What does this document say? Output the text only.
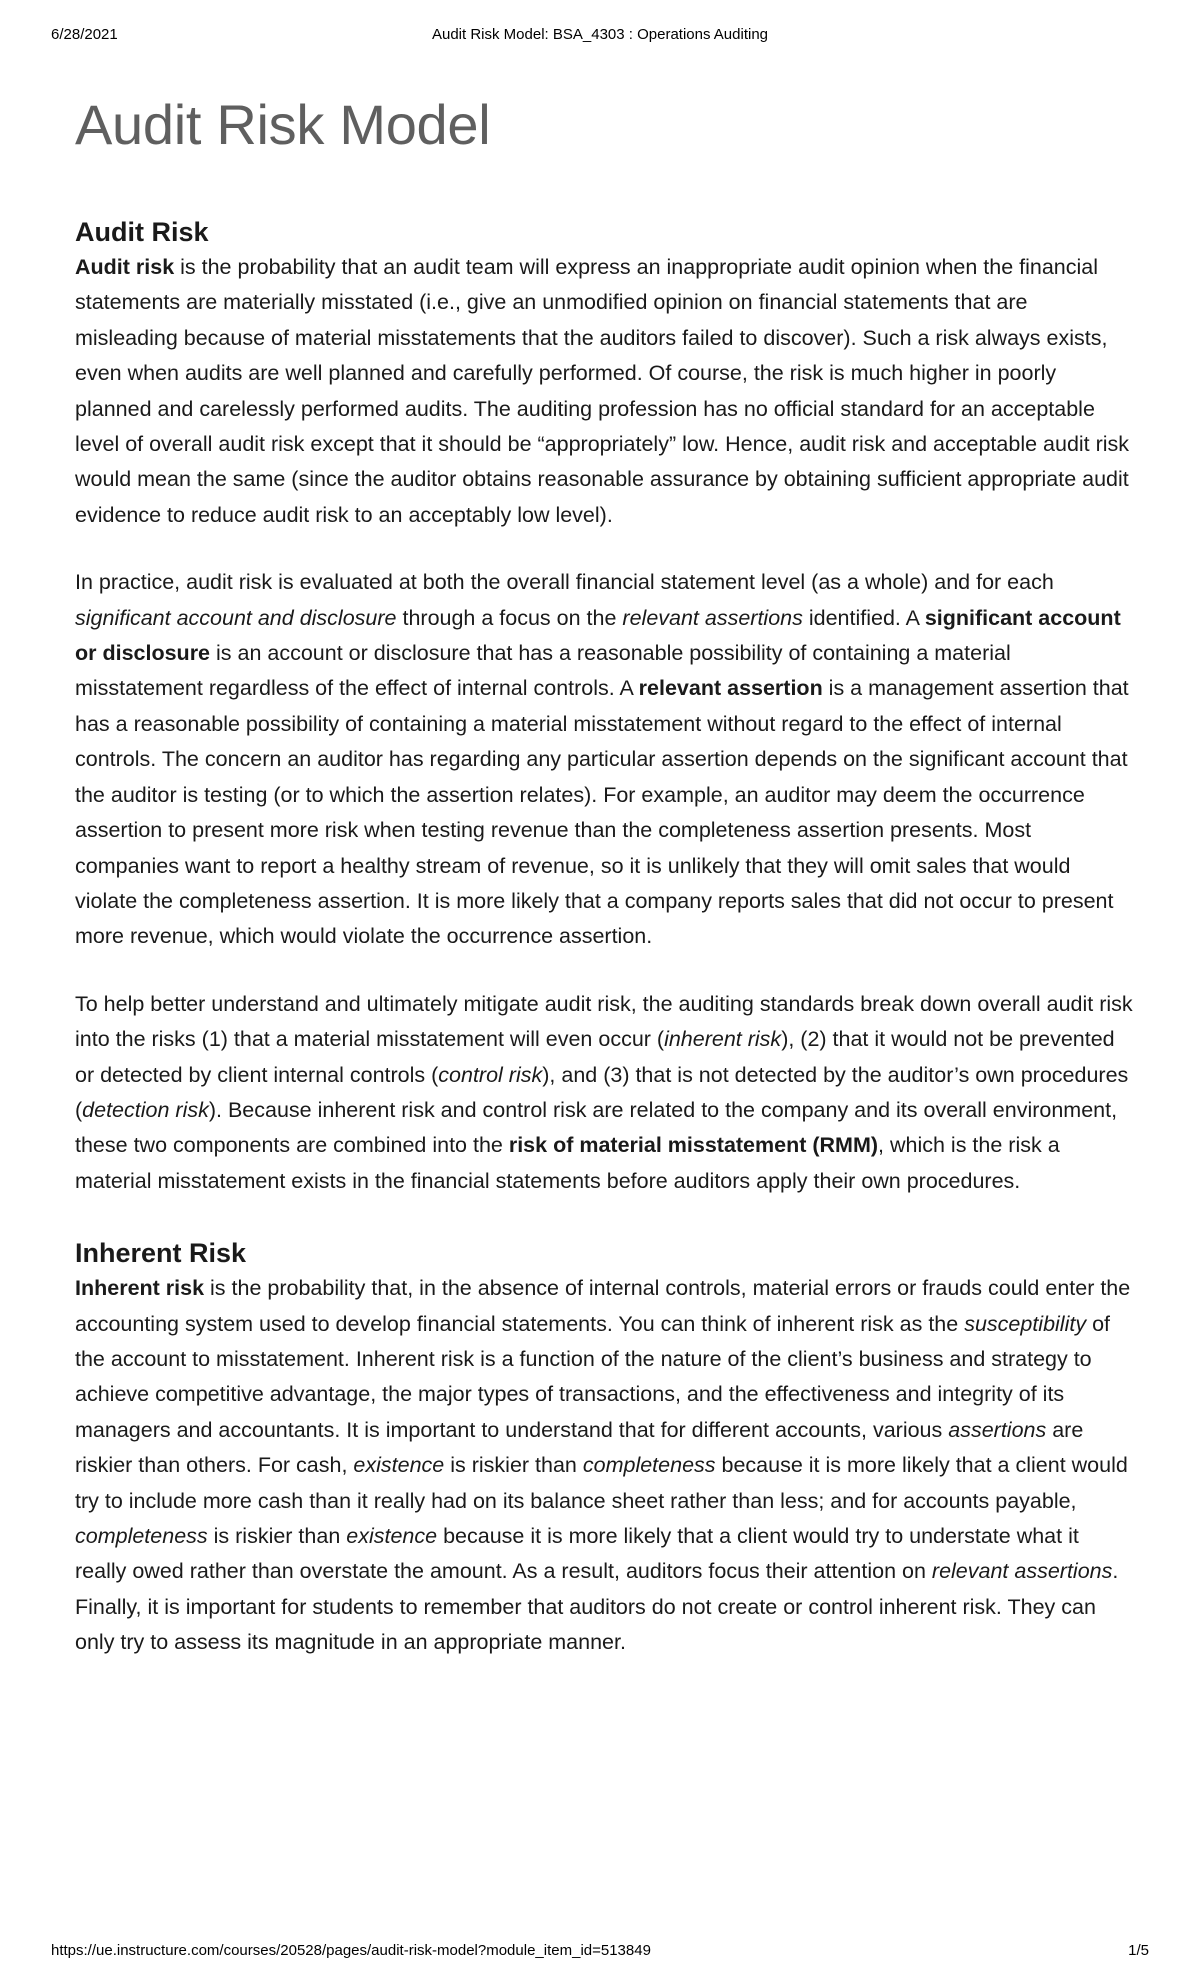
6/28/2021	Audit Risk Model: BSA_4303 : Operations Auditing
Audit Risk Model
Audit Risk

Audit risk is the probability that an audit team will express an inappropriate audit opinion when the financial statements are materially misstated (i.e., give an unmodified opinion on financial statements that are misleading because of material misstatements that the auditors failed to discover). Such a risk always exists, even when audits are well planned and carefully performed. Of course, the risk is much higher in poorly planned and carelessly performed audits. The auditing profession has no official standard for an acceptable level of overall audit risk except that it should be “appropriately” low. Hence, audit risk and acceptable audit risk would mean the same (since the auditor obtains reasonable assurance by obtaining sufficient appropriate audit evidence to reduce audit risk to an acceptably low level).

In practice, audit risk is evaluated at both the overall financial statement level (as a whole) and for each significant account and disclosure through a focus on the relevant assertions identified. A significant account or disclosure is an account or disclosure that has a reasonable possibility of containing a material misstatement regardless of the effect of internal controls. A relevant assertion is a management assertion that has a reasonable possibility of containing a material misstatement without regard to the effect of internal controls. The concern an auditor has regarding any particular assertion depends on the significant account that the auditor is testing (or to which the assertion relates). For example, an auditor may deem the occurrence assertion to present more risk when testing revenue than the completeness assertion presents. Most companies want to report a healthy stream of revenue, so it is unlikely that they will omit sales that would violate the completeness assertion. It is more likely that a company reports sales that did not occur to present more revenue, which would violate the occurrence assertion.

To help better understand and ultimately mitigate audit risk, the auditing standards break down overall audit risk into the risks (1) that a material misstatement will even occur (inherent risk), (2) that it would not be prevented or detected by client internal controls (control risk), and (3) that is not detected by the auditor’s own procedures (detection risk). Because inherent risk and control risk are related to the company and its overall environment, these two components are combined into the risk of material misstatement (RMM), which is the risk a material misstatement exists in the financial statements before auditors apply their own procedures.

Inherent Risk

Inherent risk is the probability that, in the absence of internal controls, material errors or frauds could enter the accounting system used to develop financial statements. You can think of inherent risk as the susceptibility of the account to misstatement. Inherent risk is a function of the nature of the client’s business and strategy to achieve competitive advantage, the major types of transactions, and the effectiveness and integrity of its managers and accountants. It is important to understand that for different accounts, various assertions are riskier than others. For cash, existence is riskier than completeness because it is more likely that a client would try to include more cash than it really had on its balance sheet rather than less; and for accounts payable, completeness is riskier than existence because it is more likely that a client would try to understate what it really owed rather than overstate the amount. As a result, auditors focus their attention on relevant assertions. Finally, it is important for students to remember that auditors do not create or control inherent risk. They can only try to assess its magnitude in an appropriate manner.

https://ue.instructure.com/courses/20528/pages/audit-risk-model?module_item_id=513849	1/5
